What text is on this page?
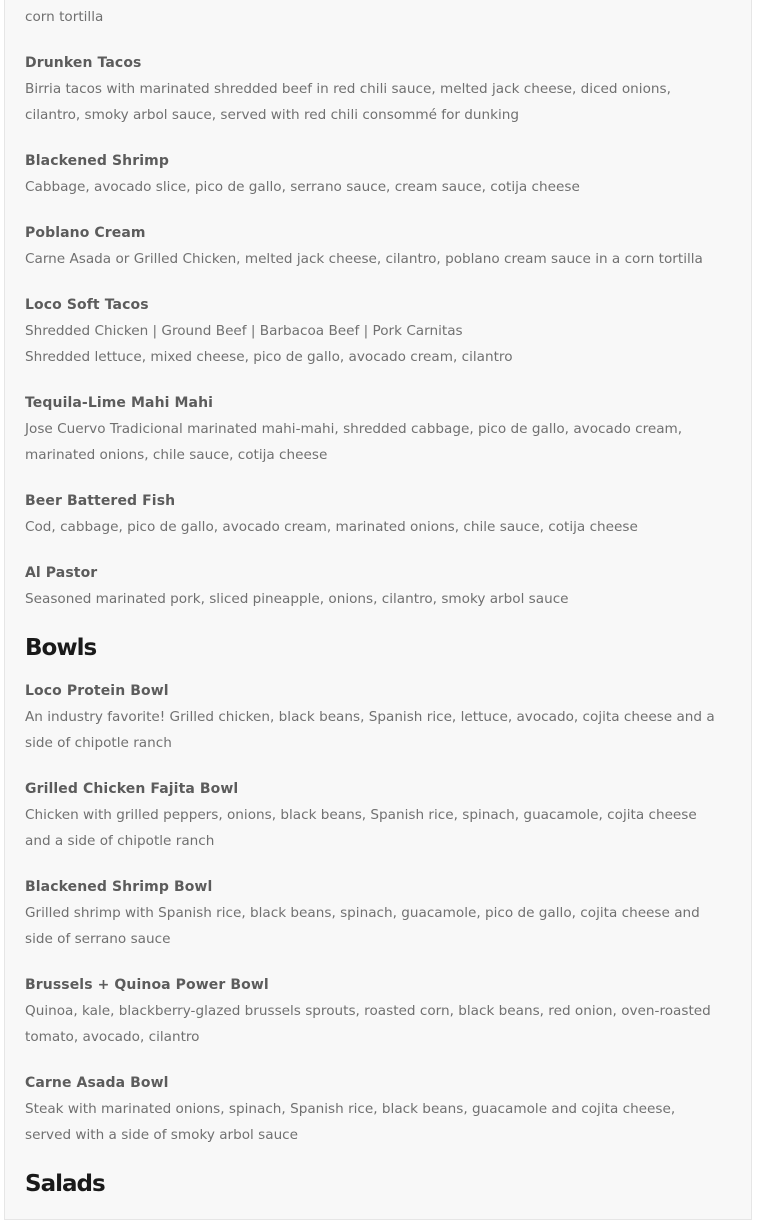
corn tortilla
Drunken Tacos
Birria tacos with marinated shredded beef in red chili sauce, melted jack cheese, diced onions,
cilantro, smoky arbol sauce, served with red chili consommé for dunking
Blackened Shrimp
Cabbage, avocado slice, pico de gallo, serrano sauce, cream sauce, cotija cheese
Poblano Cream
Carne Asada or Grilled Chicken, melted jack cheese, cilantro, poblano cream sauce in a corn tortilla
Loco Soft Tacos
Shredded Chicken | Ground Beef | Barbacoa Beef | Pork Carnitas
Shredded lettuce, mixed cheese, pico de gallo, avocado cream, cilantro
Tequila-Lime Mahi Mahi
Jose Cuervo Tradicional marinated mahi-mahi, shredded cabbage, pico de gallo, avocado cream,
marinated onions, chile sauce, cotija cheese
Beer Battered Fish
Cod, cabbage, pico de gallo, avocado cream, marinated onions, chile sauce, cotija cheese
Al Pastor
Seasoned marinated pork, sliced pineapple, onions, cilantro, smoky arbol sauce
Bowls
Loco Protein Bowl
An industry favorite! Grilled chicken, black beans, Spanish rice, lettuce, avocado, cojita cheese and a
side of chipotle ranch
Grilled Chicken Fajita Bowl
Chicken with grilled peppers, onions, black beans, Spanish rice, spinach, guacamole, cojita cheese
and a side of chipotle ranch
Blackened Shrimp Bowl
Grilled shrimp with Spanish rice, black beans, spinach, guacamole, pico de gallo, cojita cheese and
side of serrano sauce
Brussels + Quinoa Power Bowl
Quinoa, kale, blackberry-glazed brussels sprouts, roasted corn, black beans, red onion, oven-roasted
tomato, avocado, cilantro
Carne Asada Bowl
Steak with marinated onions, spinach, Spanish rice, black beans, guacamole and cojita cheese,
served with a side of smoky arbol sauce
Salads
